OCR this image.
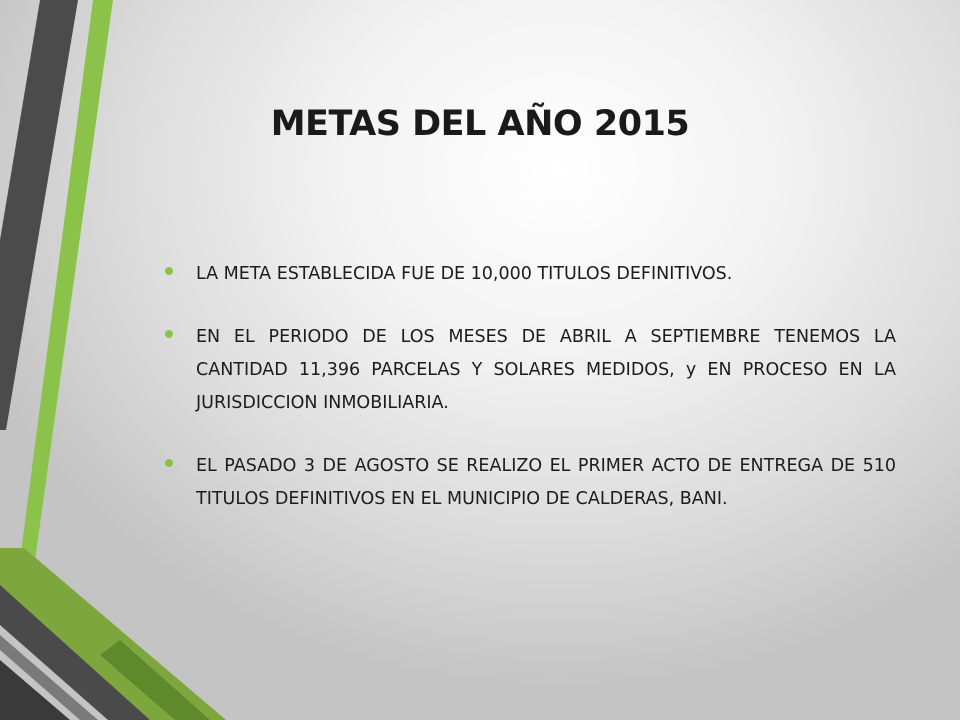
METAS DEL AÑO 2015
LA META ESTABLECIDA FUE DE 10,000 TITULOS DEFINITIVOS.
EN EL PERIODO DE LOS MESES DE ABRIL A SEPTIEMBRE TENEMOS LA CANTIDAD 11,396 PARCELAS Y SOLARES MEDIDOS, y EN PROCESO EN LA JURISDICCION INMOBILIARIA.
EL PASADO 3 DE AGOSTO SE REALIZO EL PRIMER ACTO DE ENTREGA DE 510 TITULOS DEFINITIVOS EN EL MUNICIPIO DE CALDERAS, BANI.
